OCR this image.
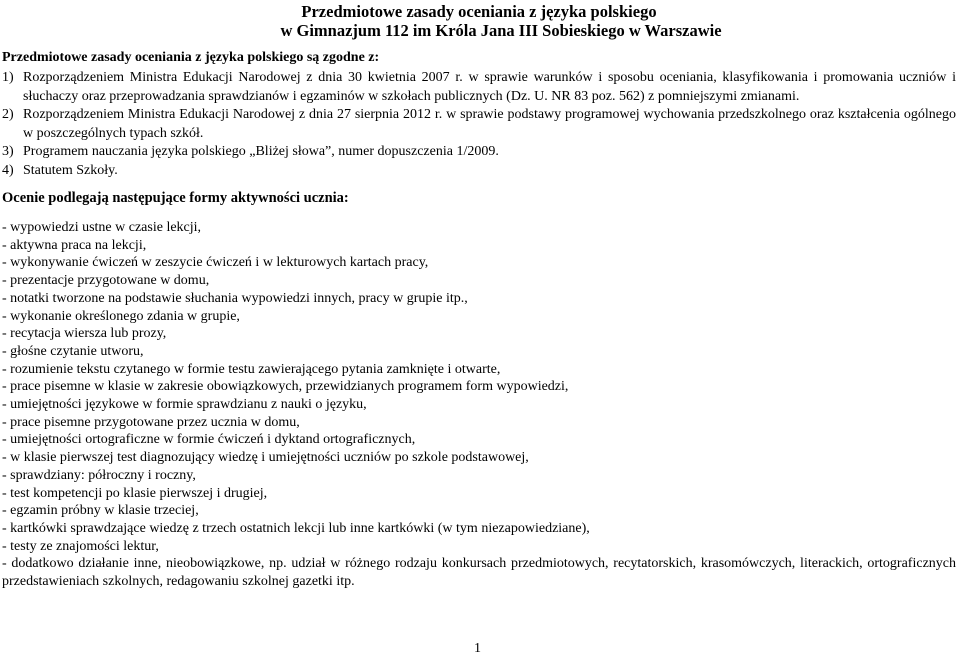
Przedmiotowe zasady oceniania z języka polskiego
w Gimnazjum 112 im Króla Jana III Sobieskiego w Warszawie
Przedmiotowe zasady oceniania z języka polskiego są zgodne z:
1) Rozporządzeniem Ministra Edukacji Narodowej z dnia 30 kwietnia 2007 r. w sprawie warunków i sposobu oceniania, klasyfikowania i promowania uczniów i słuchaczy oraz przeprowadzania sprawdzianów i egzaminów w szkołach publicznych (Dz. U. NR 83 poz. 562) z pomniejszymi zmianami.
2) Rozporządzeniem Ministra Edukacji Narodowej z dnia 27 sierpnia 2012 r. w sprawie podstawy programowej wychowania przedszkolnego oraz kształcenia ogólnego w poszczególnych typach szkół.
3) Programem nauczania języka polskiego „Bliżej słowa”, numer dopuszczenia 1/2009.
4) Statutem Szkoły.
Ocenie podlegają następujące formy aktywności ucznia:
- wypowiedzi ustne w czasie lekcji,
- aktywna praca na lekcji,
- wykonywanie ćwiczeń w zeszycie ćwiczeń i w lekturowych kartach pracy,
- prezentacje przygotowane w domu,
- notatki tworzone na podstawie słuchania wypowiedzi innych, pracy w grupie itp.,
- wykonanie określonego zdania w grupie,
- recytacja wiersza lub prozy,
- głośne czytanie utworu,
- rozumienie tekstu czytanego w formie testu zawierającego pytania zamknięte i otwarte,
- prace pisemne w klasie w zakresie obowiązkowych, przewidzianych programem form wypowiedzi,
- umiejętności językowe w formie sprawdzianu z nauki o języku,
- prace pisemne przygotowane przez ucznia w domu,
- umiejętności ortograficzne w formie ćwiczeń i dyktand ortograficznych,
- w klasie pierwszej test diagnozujący wiedzę i umiejętności uczniów po szkole podstawowej,
- sprawdziany: półroczny i roczny,
- test kompetencji po klasie pierwszej i drugiej,
- egzamin próbny w klasie trzeciej,
- kartkówki sprawdzające wiedzę z trzech ostatnich lekcji lub inne kartkówki (w tym niezapowiedziane),
- testy ze znajomości lektur,
- dodatkowo działanie inne, nieobowiązkowe, np. udział w różnego rodzaju konkursach przedmiotowych, recytatorskich, krasomówczych, literackich, ortograficznych przedstawieniach szkolnych, redagowaniu szkolnej gazetki itp.
1
